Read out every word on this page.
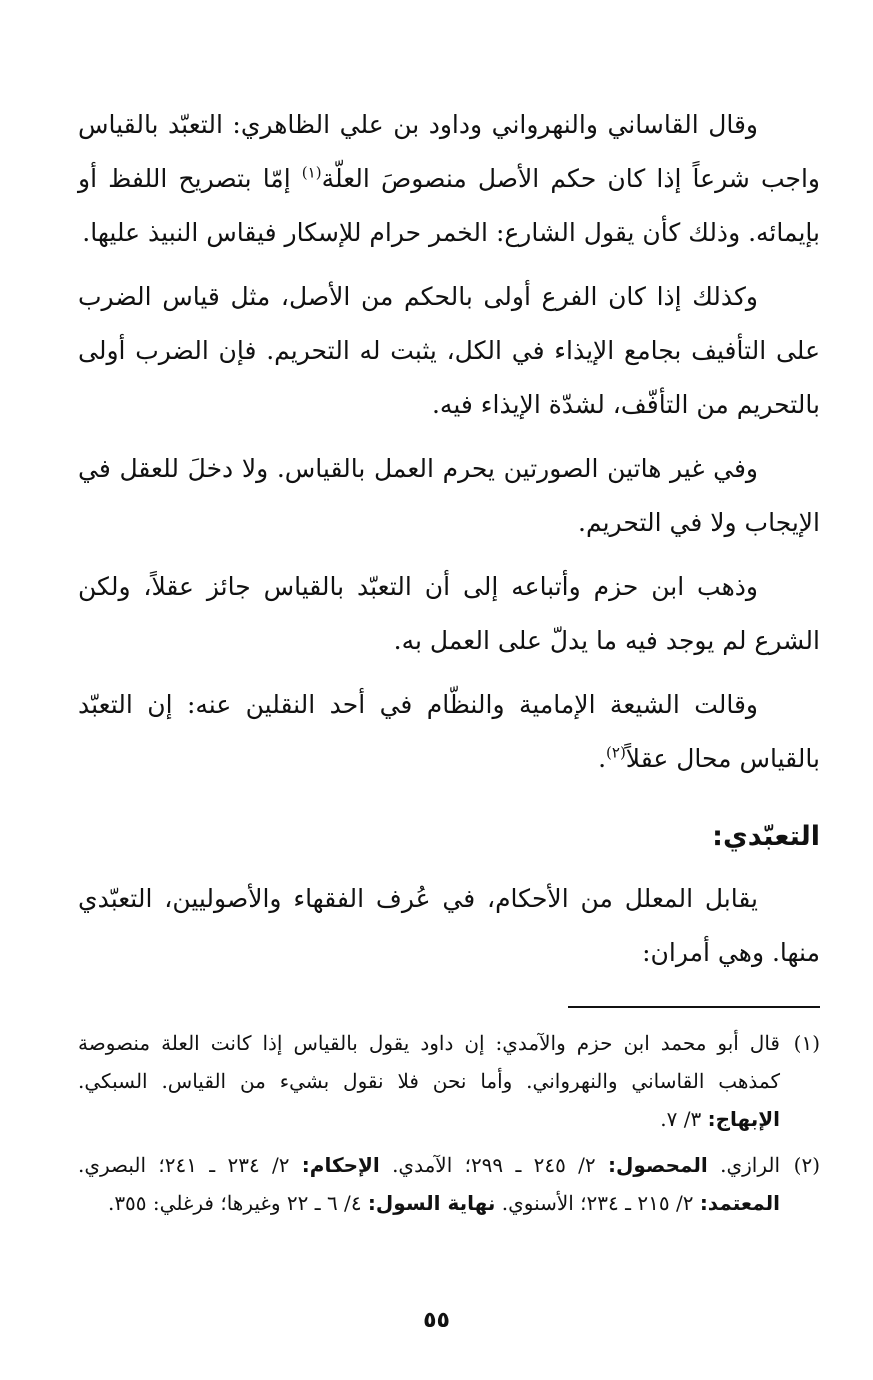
وقال القاساني والنهرواني وداود بن علي الظاهري: التعبّد بالقياس واجب شرعاً إذا كان حكم الأصل منصوصَ العلّة$^{(١)}$ إمّا بتصريح اللفظ أو بإيمائه. وذلك كأن يقول الشارع: الخمر حرام للإسكار فيقاس النبيذ عليها.

وكذلك إذا كان الفرع أولى بالحكم من الأصل، مثل قياس الضرب على التأفيف بجامع الإيذاء في الكل، يثبت له التحريم. فإن الضرب أولى بالتحريم من التأفّف، لشدّة الإيذاء فيه.

وفي غير هاتين الصورتين يحرم العمل بالقياس. ولا دخلَ للعقل في الإيجاب ولا في التحريم.

وذهب ابن حزم وأتباعه إلى أن التعبّد بالقياس جائز عقلاً، ولكن الشرع لم يوجد فيه ما يدلّ على العمل به.

وقالت الشيعة الإمامية والنظّام في أحد النقلين عنه: إن التعبّد بالقياس محال عقلاً$^{(٢)}$.

التعبّدي:

يقابل المعلل من الأحكام، في عُرف الفقهاء والأصوليين، التعبّدي منها. وهي أمران:

(١)
قال أبو محمد ابن حزم والآمدي: إن داود يقول بالقياس إذا كانت العلة منصوصة كمذهب القاساني والنهرواني. وأما نحن فلا نقول بشيء من القياس. السبكي. الإبهاج: ٣/ ٧.

(٢)
الرازي. المحصول: ٢/ ٢٤٥ ـ ٢٩٩؛ الآمدي. الإحكام: ٢/ ٢٣٤ ـ ٢٤١؛ البصري. المعتمد: ٢/ ٢١٥ ـ ٢٣٤؛ الأسنوي. نهاية السول: ٤/ ٦ ـ ٢٢ وغيرها؛ فرغلي: ٣٥٥.

٥٥
